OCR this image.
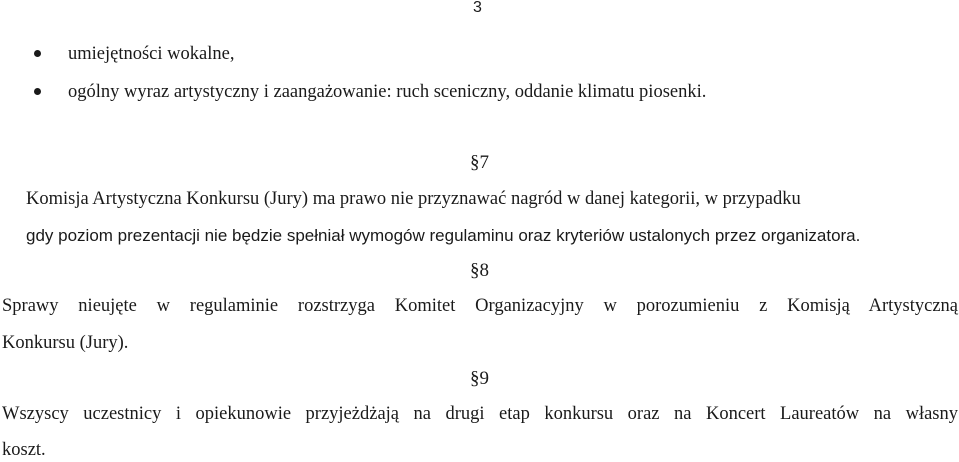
3
umiejętności wokalne,
ogólny wyraz artystyczny i zaangażowanie: ruch sceniczny, oddanie klimatu piosenki.
§7
Komisja Artystyczna Konkursu (Jury) ma prawo nie przyznawać nagród w danej kategorii, w przypadku
gdy poziom prezentacji nie będzie spełniał wymogów regulaminu oraz kryteriów ustalonych przez organizatora.
§8
Sprawy nieujęte w regulaminie rozstrzyga Komitet Organizacyjny w porozumieniu z Komisją Artystyczną
Konkursu (Jury).
§9
Wszyscy uczestnicy i opiekunowie przyjeżdżają na drugi etap konkursu oraz na Koncert Laureatów na własny
koszt.
